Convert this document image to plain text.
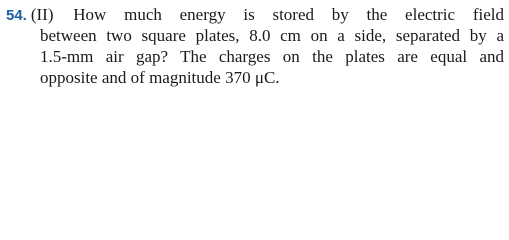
54. (II) How much energy is stored by the electric field
between two square plates, 8.0 cm on a side, separated by a
1.5-mm air gap? The charges on the plates are equal and
opposite and of magnitude 370 μC.
